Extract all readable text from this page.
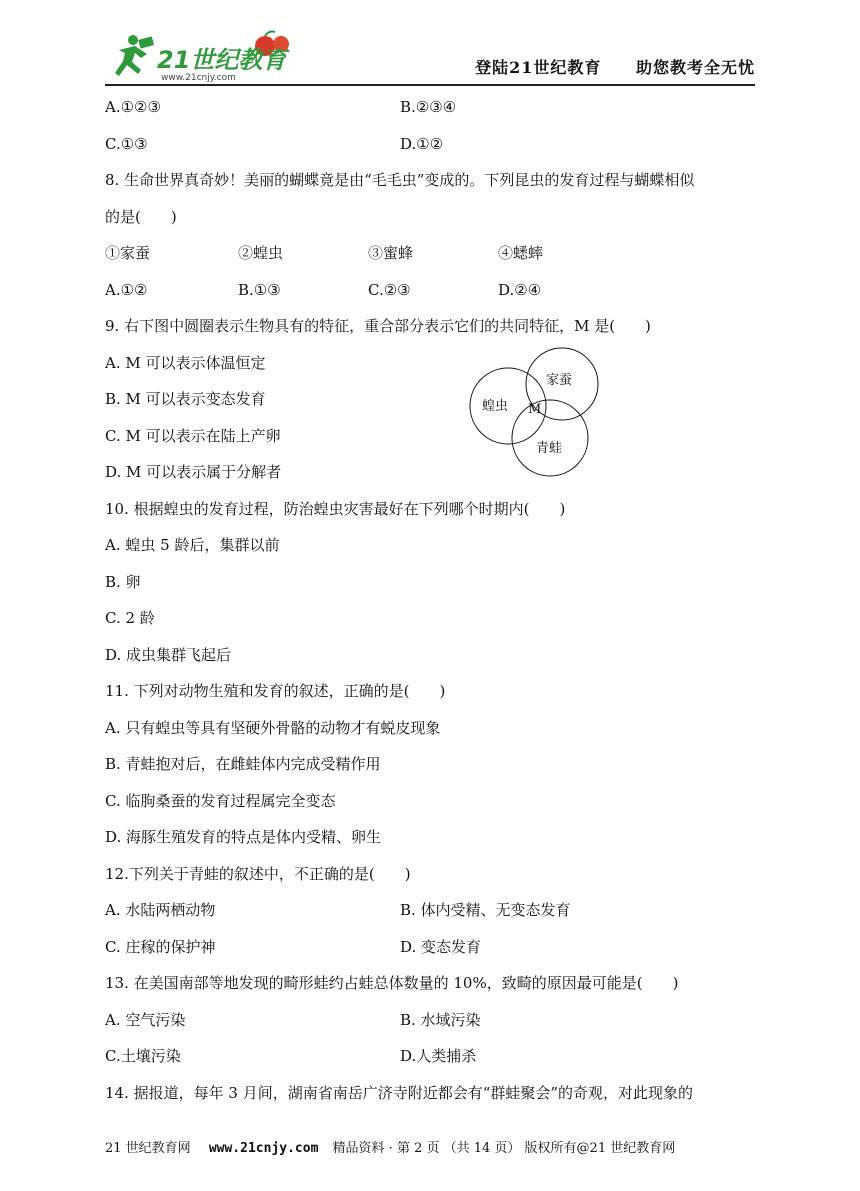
21世纪教育
www.21cnjy.com
登陆21世纪教育 助您教考全无忧
A.①②③	B.②③④
C.①③	D.①②
8. 生命世界真奇妙！美丽的蝴蝶竟是由“毛毛虫”变成的。下列昆虫的发育过程与蝴蝶相似
的是(　　)
①家蚕	②蝗虫	③蜜蜂	④蟋蟀
A.①②	B.①③	C.②③	D.②④
9. 右下图中圆圈表示生物具有的特征，重合部分表示它们的共同特征，M 是(　　)
A. M 可以表示体温恒定
B. M 可以表示变态发育
C. M 可以表示在陆上产卵
D. M 可以表示属于分解者
10. 根据蝗虫的发育过程，防治蝗虫灾害最好在下列哪个时期内(　　)
A. 蝗虫 5 龄后，集群以前
B. 卵
C. 2 龄
D. 成虫集群飞起后
11. 下列对动物生殖和发育的叙述，正确的是(　　)
A. 只有蝗虫等具有坚硬外骨骼的动物才有蜕皮现象
B. 青蛙抱对后，在雌蛙体内完成受精作用
C. 临朐桑蚕的发育过程属完全变态
D. 海豚生殖发育的特点是体内受精、卵生
12.下列关于青蛙的叙述中，不正确的是(　　)
A. 水陆两栖动物	B. 体内受精、无变态发育
C. 庄稼的保护神	D. 变态发育
13. 在美国南部等地发现的畸形蛙约占蛙总体数量的 10%，致畸的原因最可能是(　　)
A. 空气污染	B. 水域污染
C.土壤污染	D.人类捕杀
14. 据报道，每年 3 月间，湖南省南岳广济寺附近都会有“群蛙聚会”的奇观，对此现象的
家蚕
蝗虫 M
青蛙
21 世纪教育网 www.21cnjy.com 精品资料 · 第 2 页 （共 14 页） 版权所有@21 世纪教育网
